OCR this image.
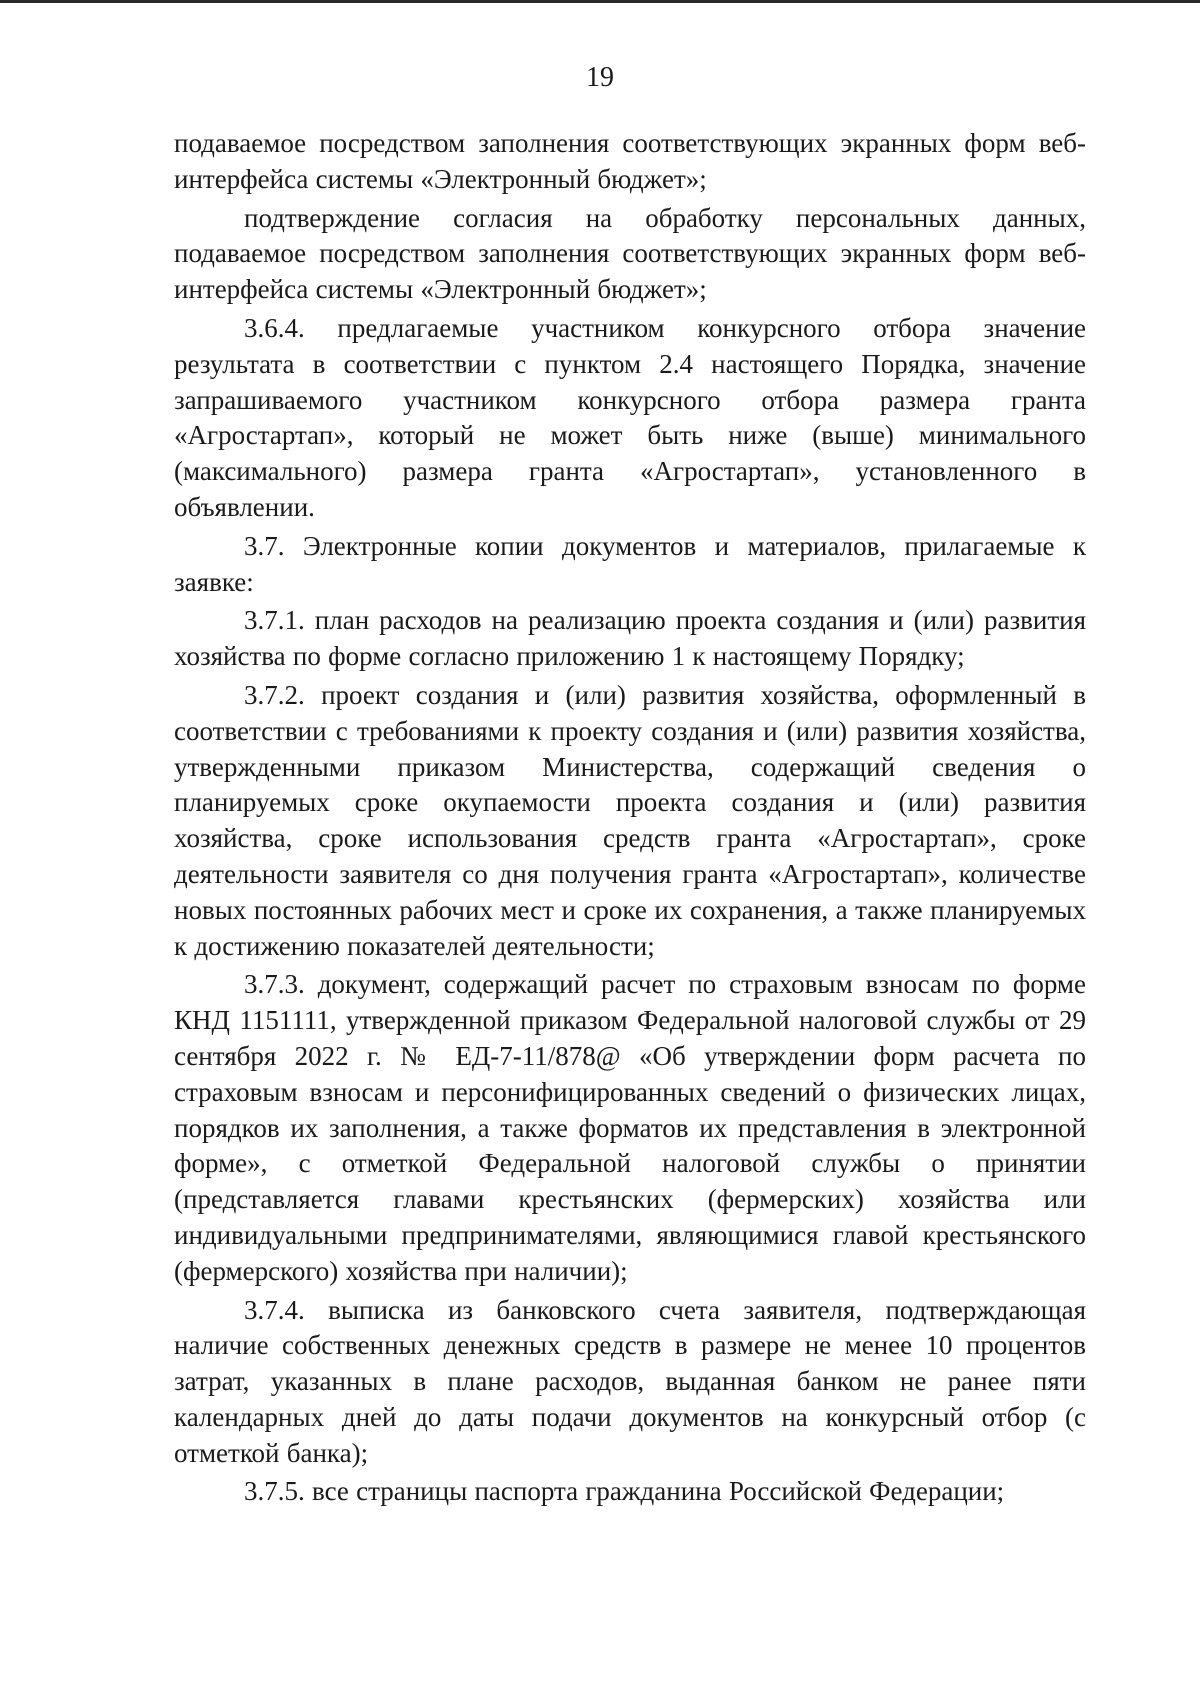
19

подаваемое посредством заполнения соответствующих экранных форм веб-интерфейса системы «Электронный бюджет»;

подтверждение согласия на обработку персональных данных, подаваемое посредством заполнения соответствующих экранных форм веб-интерфейса системы «Электронный бюджет»;

3.6.4. предлагаемые участником конкурсного отбора значение результата в соответствии с пунктом 2.4 настоящего Порядка, значение запрашиваемого участником конкурсного отбора размера гранта «Агростартап», который не может быть ниже (выше) минимального (максимального) размера гранта «Агростартап», установленного в объявлении.

3.7. Электронные копии документов и материалов, прилагаемые к заявке:

3.7.1. план расходов на реализацию проекта создания и (или) развития хозяйства по форме согласно приложению 1 к настоящему Порядку;

3.7.2. проект создания и (или) развития хозяйства, оформленный в соответствии с требованиями к проекту создания и (или) развития хозяйства, утвержденными приказом Министерства, содержащий сведения о планируемых сроке окупаемости проекта создания и (или) развития хозяйства, сроке использования средств гранта «Агростартап», сроке деятельности заявителя со дня получения гранта «Агростартап», количестве новых постоянных рабочих мест и сроке их сохранения, а также планируемых к достижению показателей деятельности;

3.7.3. документ, содержащий расчет по страховым взносам по форме КНД 1151111, утвержденной приказом Федеральной налоговой службы от 29 сентября 2022 г. № ЕД-7-11/878@ «Об утверждении форм расчета по страховым взносам и персонифицированных сведений о физических лицах, порядков их заполнения, а также форматов их представления в электронной форме», с отметкой Федеральной налоговой службы о принятии (представляется главами крестьянских (фермерских) хозяйства или индивидуальными предпринимателями, являющимися главой крестьянского (фермерского) хозяйства при наличии);

3.7.4. выписка из банковского счета заявителя, подтверждающая наличие собственных денежных средств в размере не менее 10 процентов затрат, указанных в плане расходов, выданная банком не ранее пяти календарных дней до даты подачи документов на конкурсный отбор (с отметкой банка);

3.7.5. все страницы паспорта гражданина Российской Федерации;
